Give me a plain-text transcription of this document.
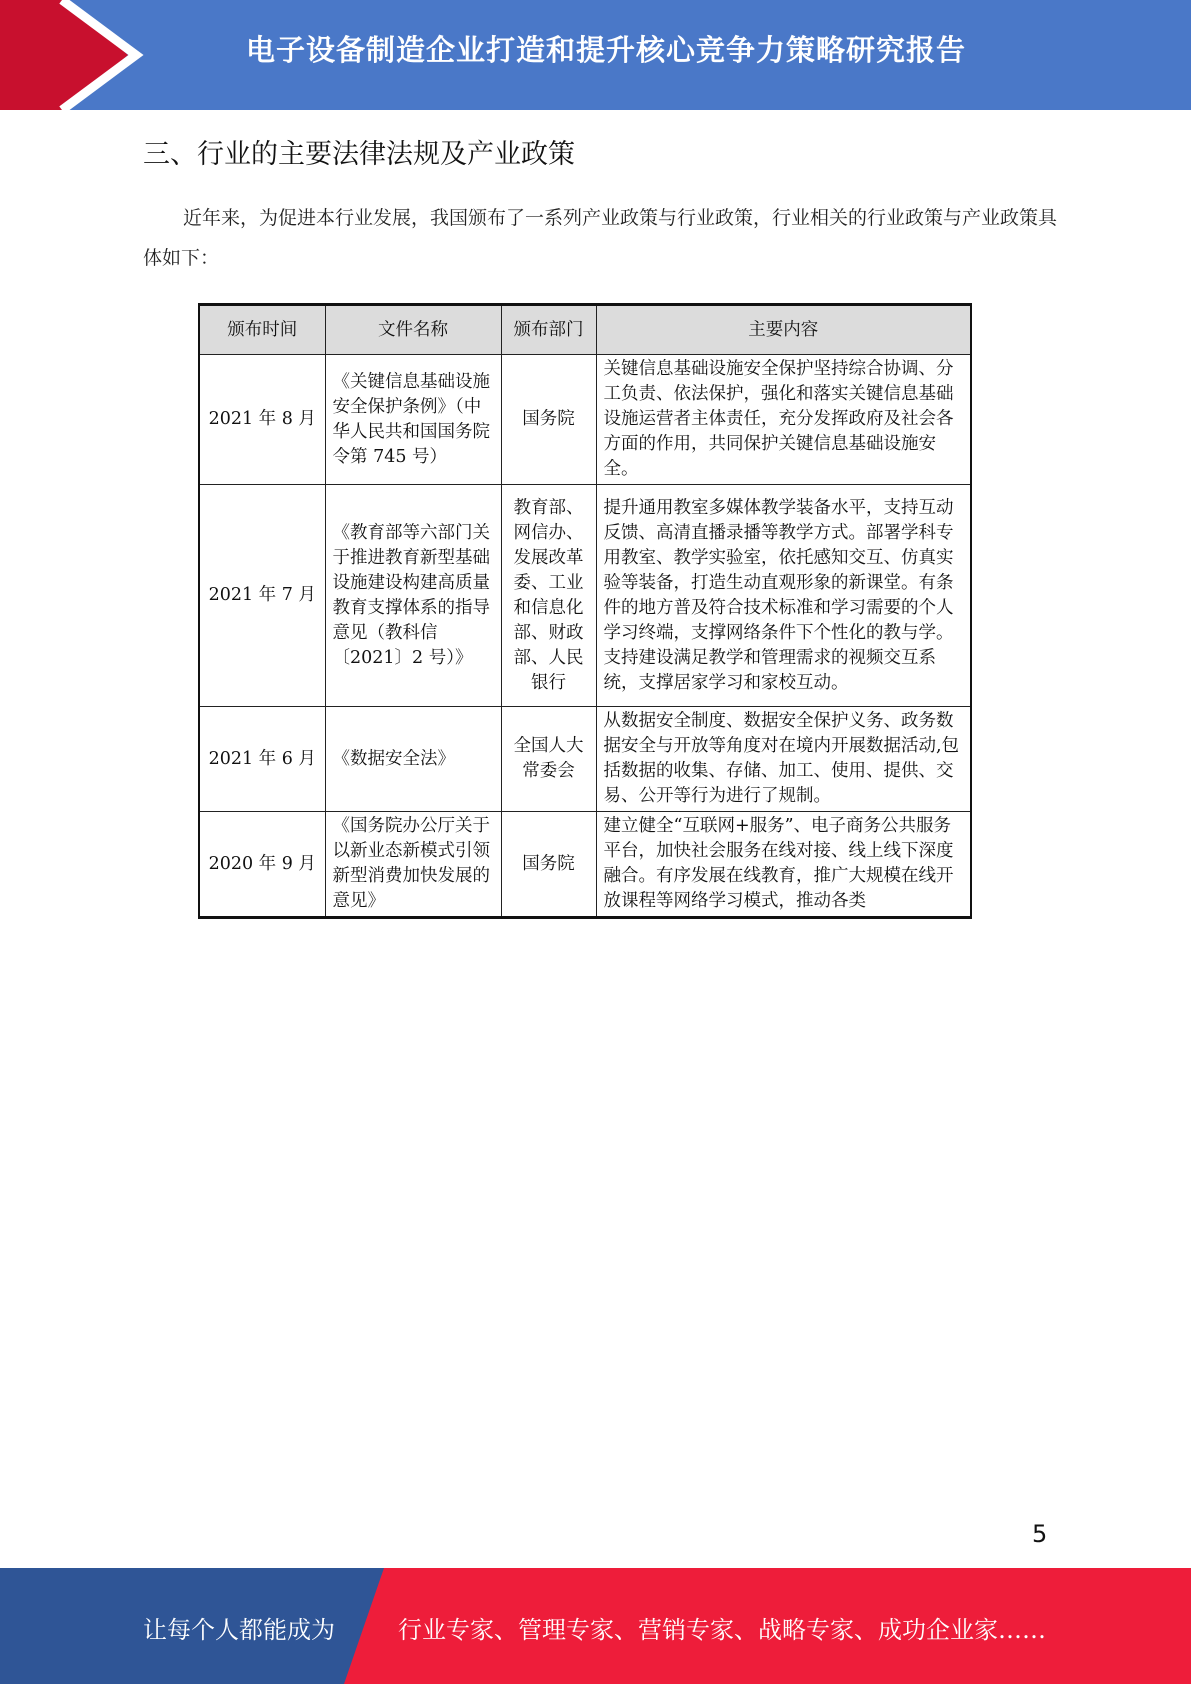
电子设备制造企业打造和提升核心竞争力策略研究报告
三、行业的主要法律法规及产业政策
近年来，为促进本行业发展，我国颁布了一系列产业政策与行业政策，行业相关的行业政策与产业政策具体如下：
颁布时间	文件名称	颁布部门	主要内容
2021 年 8 月	《关键信息基础设施安全保护条例》（中华人民共和国国务院令第 745 号）	国务院	关键信息基础设施安全保护坚持综合协调、分工负责、依法保护，强化和落实关键信息基础设施运营者主体责任，充分发挥政府及社会各方面的作用，共同保护关键信息基础设施安全。
2021 年 7 月	《教育部等六部门关于推进教育新型基础设施建设构建高质量教育支撑体系的指导意见（教科信〔2021〕2 号）》	教育部、网信办、发展改革委、工业和信息化部、财政部、人民银行	提升通用教室多媒体教学装备水平，支持互动反馈、高清直播录播等教学方式。部署学科专用教室、教学实验室，依托感知交互、仿真实验等装备，打造生动直观形象的新课堂。有条件的地方普及符合技术标准和学习需要的个人学习终端，支撑网络条件下个性化的教与学。支持建设满足教学和管理需求的视频交互系统，支撑居家学习和家校互动。
2021 年 6 月	《数据安全法》	全国人大常委会	从数据安全制度、数据安全保护义务、政务数据安全与开放等角度对在境内开展数据活动,包括数据的收集、存储、加工、使用、提供、交易、公开等行为进行了规制。
2020 年 9 月	《国务院办公厅关于以新业态新模式引领新型消费加快发展的意见》	国务院	建立健全“互联网+服务”、电子商务公共服务平台，加快社会服务在线对接、线上线下深度融合。有序发展在线教育，推广大规模在线开放课程等网络学习模式，推动各类
5
让每个人都能成为	行业专家、管理专家、营销专家、战略专家、成功企业家……
